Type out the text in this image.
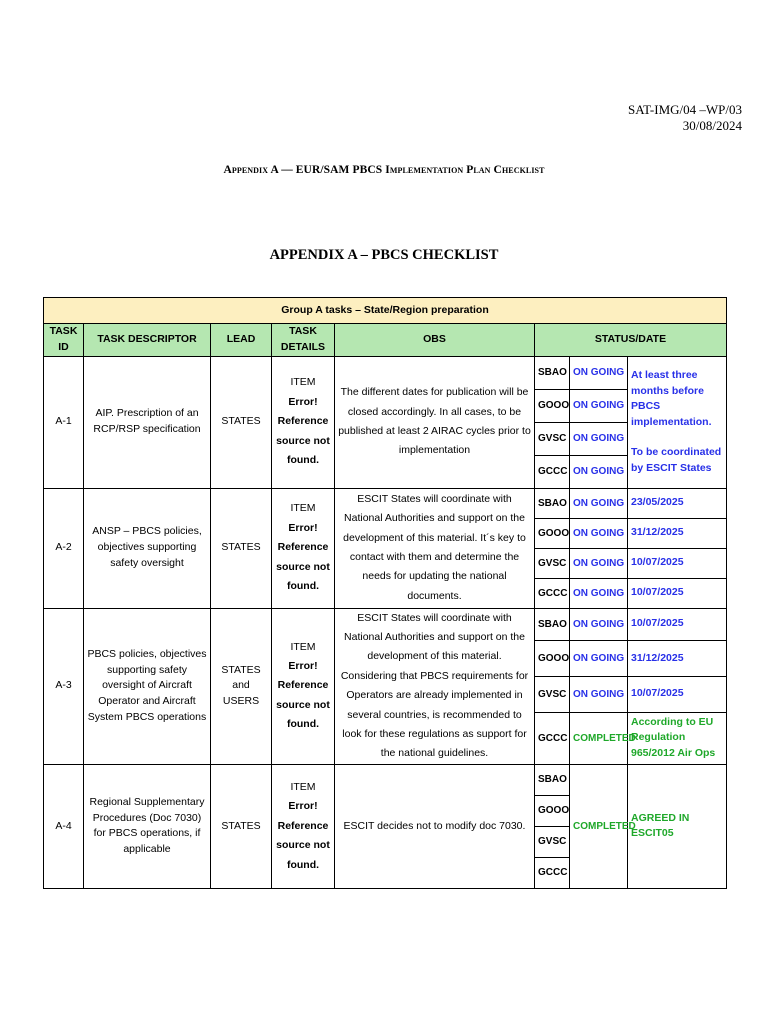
SAT-IMG/04 –WP/03
30/08/2024
Appendix A — EUR/SAM PBCS Implementation Plan Checklist
APPENDIX A – PBCS CHECKLIST
Group A tasks – State/Region preparation							
TASK ID	TASK DESCRIPTOR	LEAD	TASK DETAILS	OBS	STATUS/DATE		
A-1	AIP. Prescription of an RCP/RSP specification	STATES	ITEM Error! Reference source not found.	The different dates for publication will be closed accordingly. In all cases, to be published at least 2 AIRAC cycles prior to implementation	SBAO	ON GOING	At least three months before PBCS implementation.
To be coordinated by ESCIT States

					GOOO	ON GOING	
					GVSC	ON GOING	
					GCCC	ON GOING	
A-2	ANSP – PBCS policies, objectives supporting safety oversight	STATES	ITEM Error! Reference source not found.	ESCIT States will coordinate with National Authorities and support on the development of this material. It´s key to contact with them and determine the needs for updating the national documents.	SBAO	ON GOING	23/05/2025
					GOOO	ON GOING	31/12/2025
					GVSC	ON GOING	10/07/2025
					GCCC	ON GOING	10/07/2025
A-3	PBCS policies, objectives supporting safety oversight of Aircraft Operator and Aircraft System PBCS operations	STATES and USERS	ITEM Error! Reference source not found.	ESCIT States will coordinate with National Authorities and support on the development of this material. Considering that PBCS requirements for Operators are already implemented in several countries, is recommended to look for these regulations as support for the national guidelines.	SBAO	ON GOING	10/07/2025
					GOOO	ON GOING	31/12/2025
					GVSC	ON GOING	10/07/2025
					GCCC	COMPLETED	According to EU Regulation 965/2012 Air Ops
A-4	Regional Supplementary Procedures (Doc 7030) for PBCS operations, if applicable	STATES	ITEM Error! Reference source not found.	ESCIT decides not to modify doc 7030.	SBAO	COMPLETED	AGREED IN ESCIT05
					GOOO		
					GVSC		
					GCCC		
